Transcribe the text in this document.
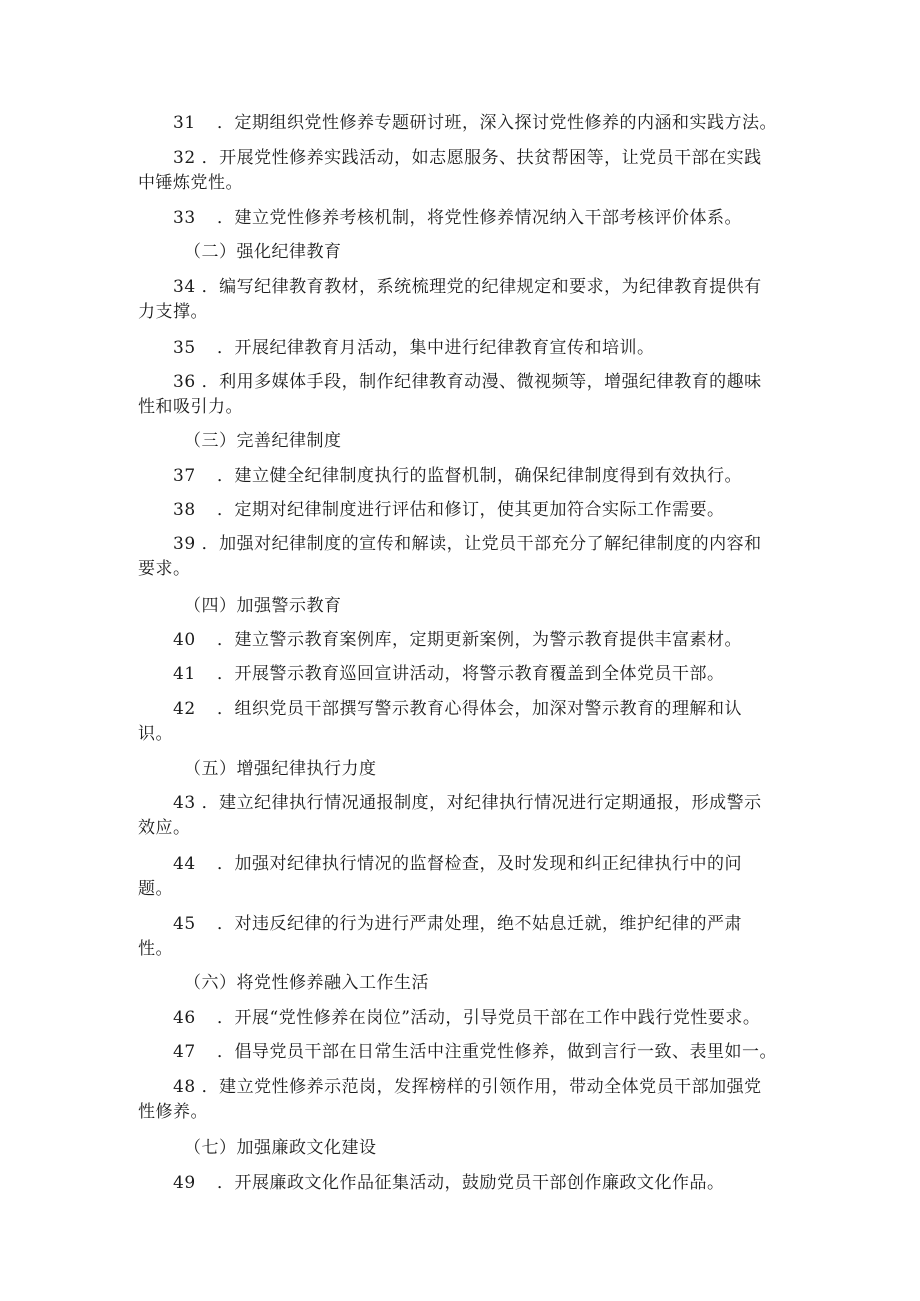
31 ．定期组织党性修养专题研讨班，深入探讨党性修养的内涵和实践方法。
32 ．开展党性修养实践活动，如志愿服务、扶贫帮困等，让党员干部在实践
中锤炼党性。
33 ．建立党性修养考核机制，将党性修养情况纳入干部考核评价体系。
（二）强化纪律教育
34 ．编写纪律教育教材，系统梳理党的纪律规定和要求，为纪律教育提供有
力支撑。
35 ．开展纪律教育月活动，集中进行纪律教育宣传和培训。
36 ．利用多媒体手段，制作纪律教育动漫、微视频等，增强纪律教育的趣味
性和吸引力。
（三）完善纪律制度
37 ．建立健全纪律制度执行的监督机制，确保纪律制度得到有效执行。
38 ．定期对纪律制度进行评估和修订，使其更加符合实际工作需要。
39 ．加强对纪律制度的宣传和解读，让党员干部充分了解纪律制度的内容和
要求。
（四）加强警示教育
40 ．建立警示教育案例库，定期更新案例，为警示教育提供丰富素材。
41 ．开展警示教育巡回宣讲活动，将警示教育覆盖到全体党员干部。
42 ．组织党员干部撰写警示教育心得体会，加深对警示教育的理解和认
识。
（五）增强纪律执行力度
43 ．建立纪律执行情况通报制度，对纪律执行情况进行定期通报，形成警示
效应。
44 ．加强对纪律执行情况的监督检查，及时发现和纠正纪律执行中的问
题。
45 ．对违反纪律的行为进行严肃处理，绝不姑息迁就，维护纪律的严肃
性。
（六）将党性修养融入工作生活
46 ．开展“党性修养在岗位”活动，引导党员干部在工作中践行党性要求。
47 ．倡导党员干部在日常生活中注重党性修养，做到言行一致、表里如一。
48 ．建立党性修养示范岗，发挥榜样的引领作用，带动全体党员干部加强党
性修养。
（七）加强廉政文化建设
49 ．开展廉政文化作品征集活动，鼓励党员干部创作廉政文化作品。
